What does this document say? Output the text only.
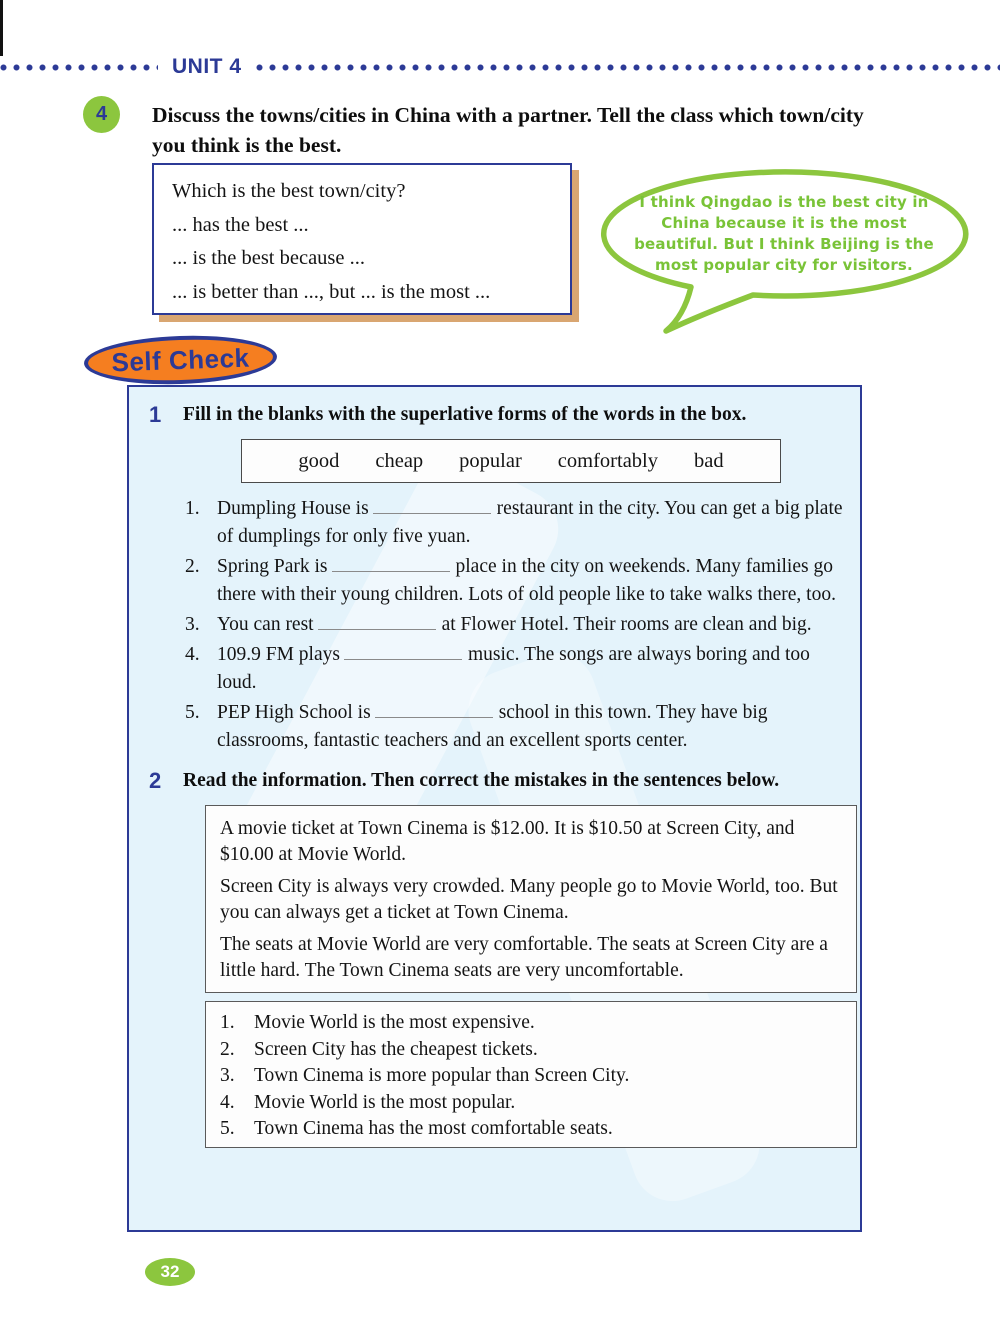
UNIT 4
4 Discuss the towns/cities in China with a partner. Tell the class which town/city you think is the best.
Which is the best town/city?
... has the best ...
... is the best because ...
... is better than ..., but ... is the most ...
I think Qingdao is the best city in China because it is the most beautiful. But I think Beijing is the most popular city for visitors.
Self Check
1	Fill in the blanks with the superlative forms of the words in the box.
good cheap popular comfortably bad
1. Dumpling House is	restaurant in the city. You can get a big plate of dumplings for only five yuan.
2. Spring Park is	place in the city on weekends. Many families go there with their young children. Lots of old people like to take walks there, too.
3. You can rest	at Flower Hotel. Their rooms are clean and big.
4. 109.9 FM plays	music. The songs are always boring and too loud.
5. PEP High School is	school in this town. They have big classrooms, fantastic teachers and an excellent sports center.
2	Read the information. Then correct the mistakes in the sentences below.

A movie ticket at Town Cinema is $12.00. It is $10.50 at Screen City, and $10.00 at Movie World.

Screen City is always very crowded. Many people go to Movie World, too. But you can always get a ticket at Town Cinema.

The seats at Movie World are very comfortable. The seats at Screen City are a little hard. The Town Cinema seats are very uncomfortable.

1. Movie World is the most expensive.
2. Screen City has the cheapest tickets.
3. Town Cinema is more popular than Screen City.
4. Movie World is the most popular.
5. Town Cinema has the most comfortable seats.
32
